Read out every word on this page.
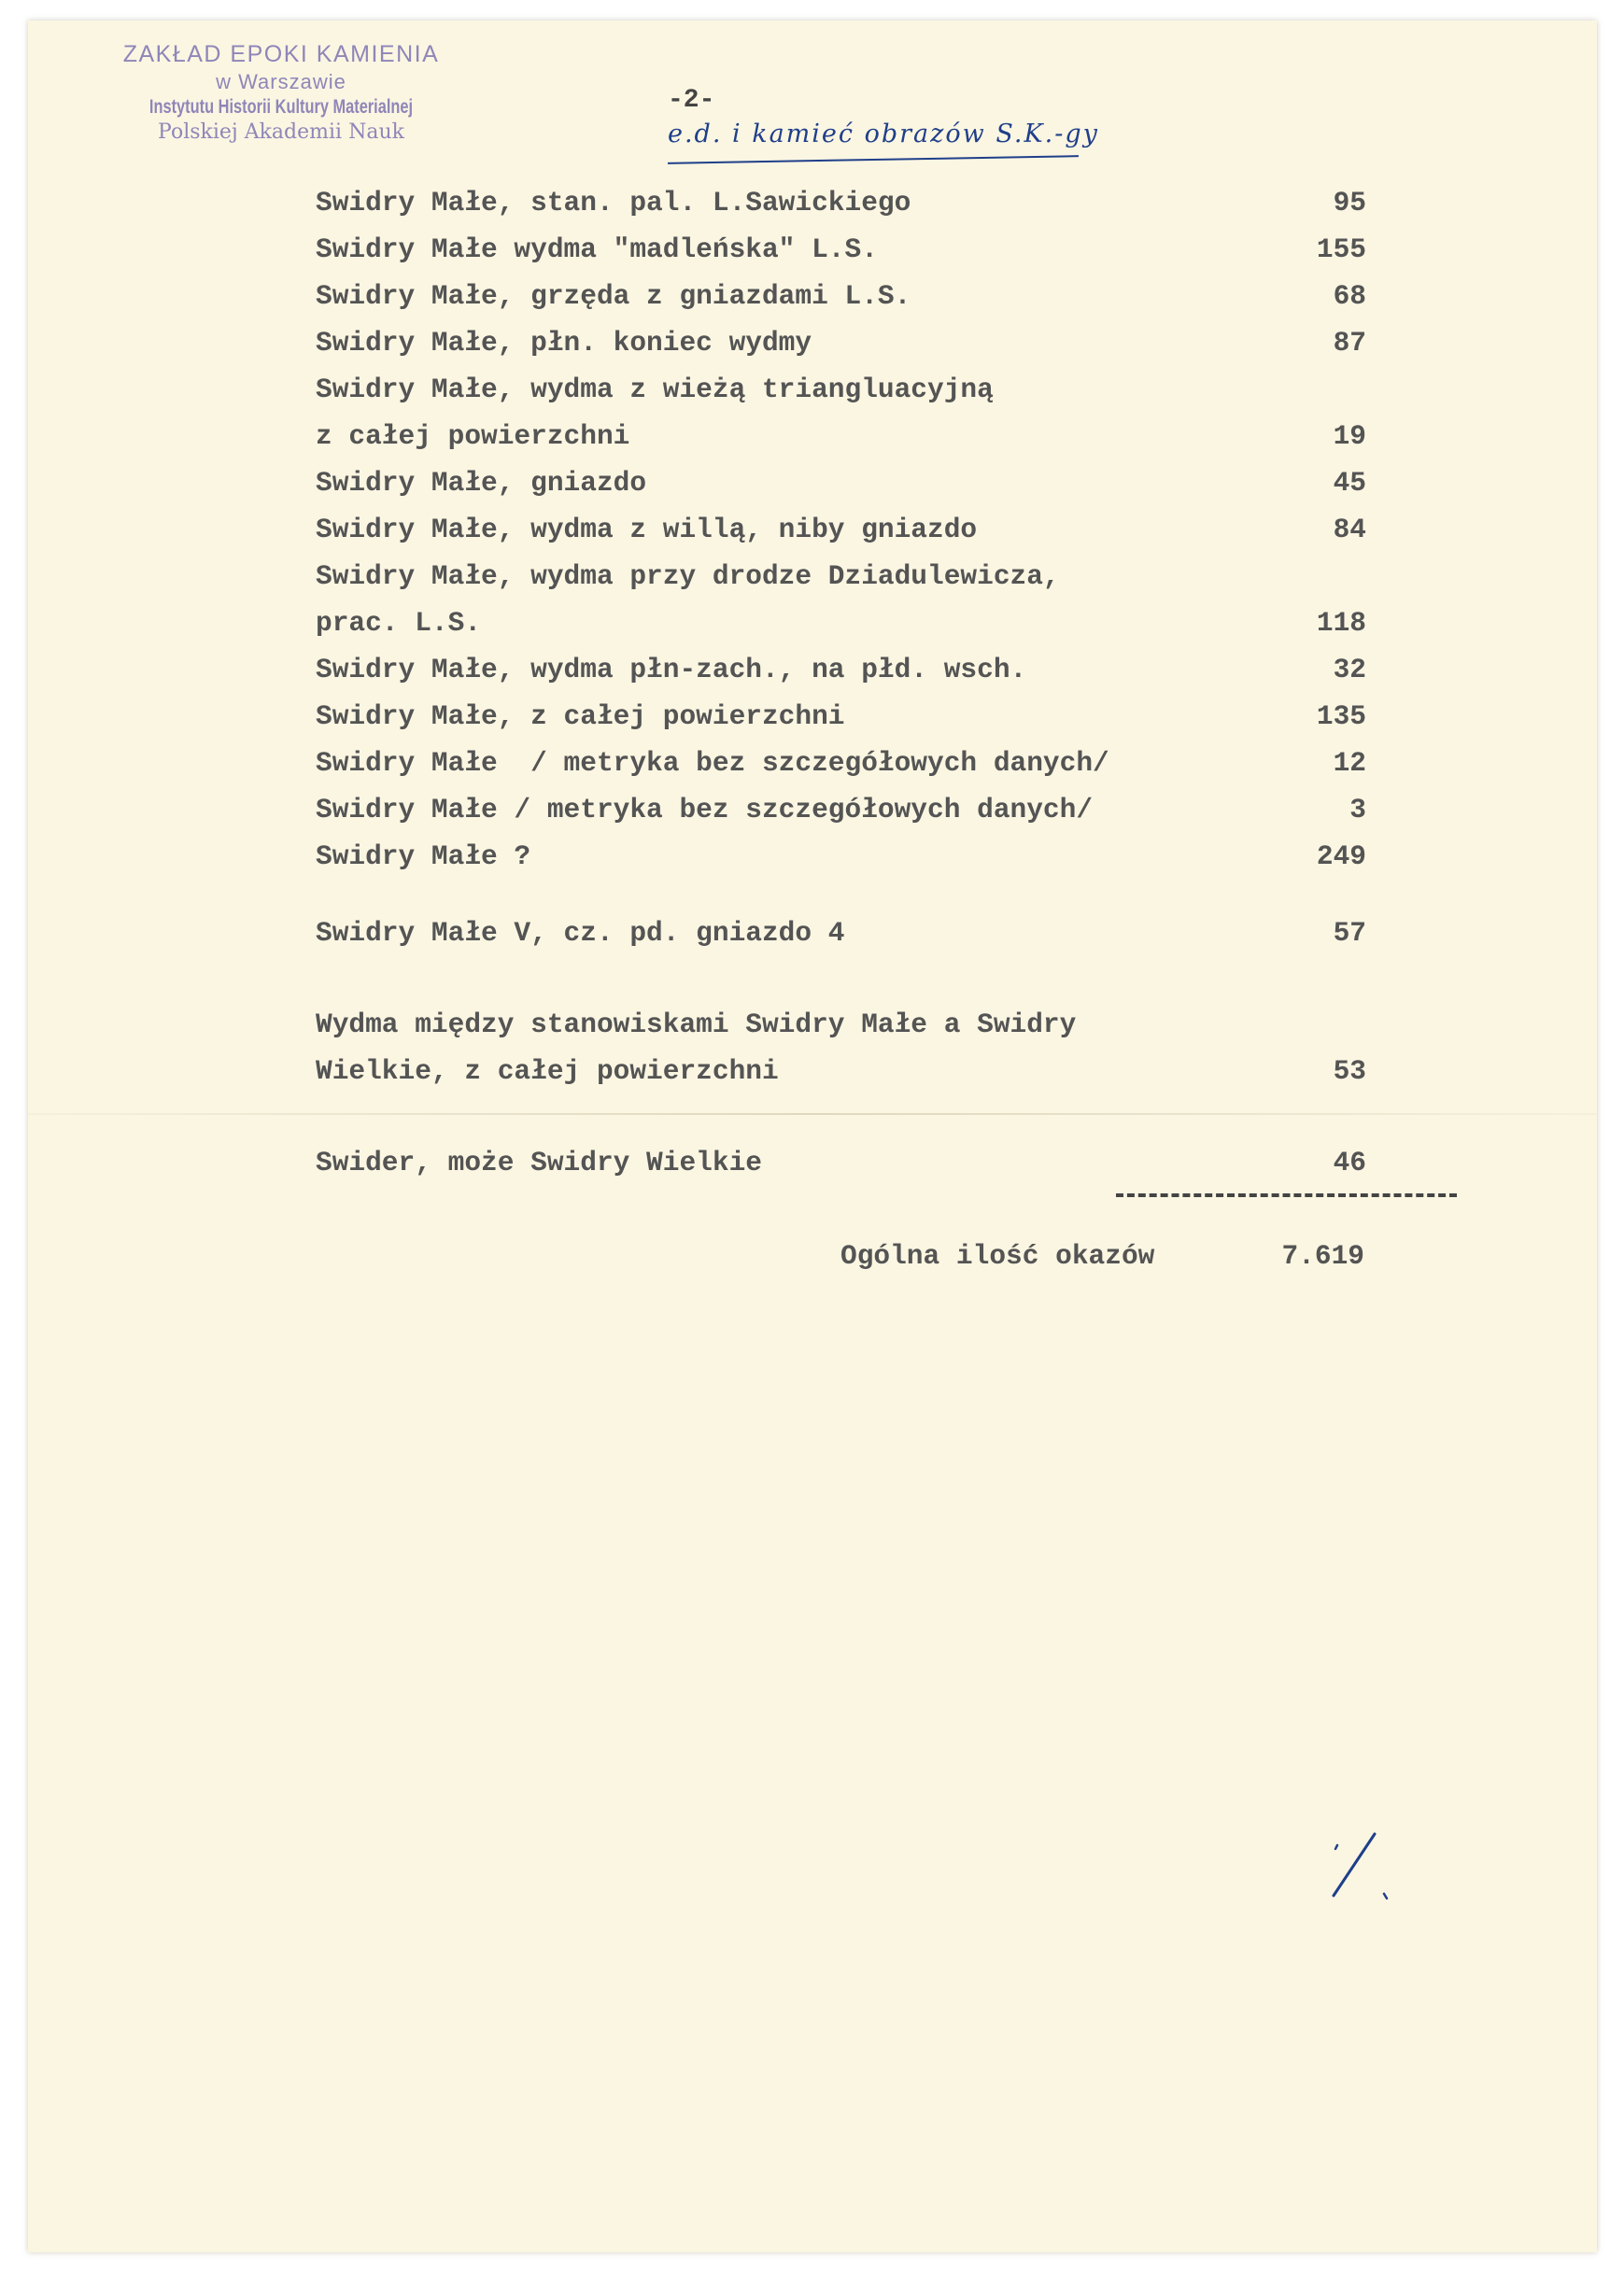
ZAKŁAD EPOKI KAMIENIA
w Warszawie
Instytutu Historii Kultury Materialnej
Polskiej Akademii Nauk
-2-
e.d. i kamieć obrazów S.K.-gy
Swidry Małe, stan. pal. L.Sawickiego	95
Swidry Małe wydma "madleńska" L.S.	155
Swidry Małe, grzęda z gniazdami L.S.	68
Swidry Małe, płn. koniec wydmy	87
Swidry Małe, wydma z wieżą triangluacyjną
z całej powierzchni	19
Swidry Małe, gniazdo	45
Swidry Małe, wydma z willą, niby gniazdo	84
Swidry Małe, wydma przy drodze Dziadulewicza,
prac. L.S.	118
Swidry Małe, wydma płn-zach., na płd. wsch.	32
Swidry Małe, z całej powierzchni	135
Swidry Małe  / metryka bez szczegółowych danych/	12
Swidry Małe / metryka bez szczegółowych danych/	3
Swidry Małe ?	249
Swidry Małe V, cz. pd. gniazdo 4	57
Wydma między stanowiskami Swidry Małe a Swidry
Wielkie, z całej powierzchni	53
Swider, może Swidry Wielkie	46
Ogólna ilość okazów	7.619
